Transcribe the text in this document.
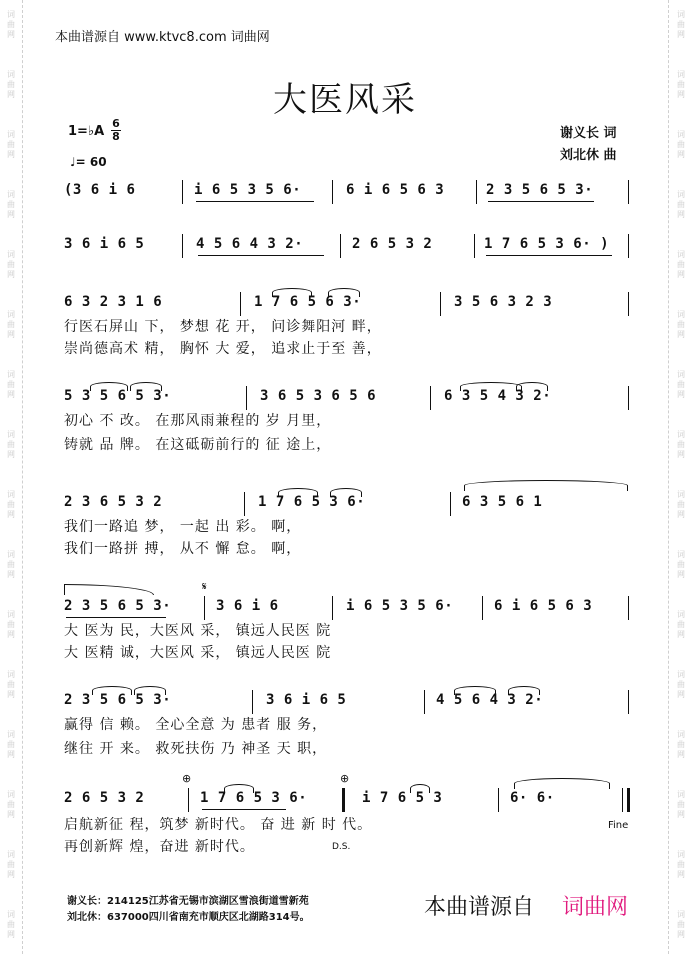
词
曲
网
词
曲
网
词
曲
网
词
曲
网
词
曲
网
词
曲
网
词
曲
网
词
曲
网
词
曲
网
词
曲
网
词
曲
网
词
曲
网
词
曲
网
词
曲
网
词
曲
网
词
曲
网
词
曲
网
词
曲
网
词
曲
网
词
曲
网
词
曲
网
词
曲
网
词
曲
网
词
曲
网
词
曲
网
词
曲
网
词
曲
网
词
曲
网
词
曲
网
词
曲
网
词
曲
网
词
曲
网
本曲谱源自 www.ktvc8.com 词曲网
大医风采
1=♭A
6
8
♩= 60
谢义长 词
刘北休 曲
(3 6 i 6	i 6 5 3 5 6·	6 i 6 5 6 3	2 3 5 6 5 3·
3 6 i 6 5	4 5 6 4 3 2·	2 6 5 3 2	1 7 6 5 3 6· )
6 3 2 3 1 6	1 7 6 5 6 3·	3 5 6 3 2 3
行医石屏山 下， 梦想 花 开， 问诊舞阳河 畔，
崇尚德高术 精， 胸怀 大 爱， 追求止于至 善，
5 3 5 6 5 3·	3 6 5 3 6 5 6	6 3 5 4 3 2·
初心 不 改。 在那风雨兼程的 岁 月里，
铸就 品 牌。 在这砥砺前行的 征 途上，
2 3 6 5 3 2	1 7 6 5 3 6·	6 3 5 6 1
我们一路追 梦， 一起 出 彩。 啊，
我们一路拼 搏， 从不 懈 怠。 啊，
𝄋
2 3 5 6 5 3·	3 6 i 6	i 6 5 3 5 6·	6 i 6 5 6 3
大 医为 民，大医风 采， 镇远人民医 院
大 医精 诚，大医风 采， 镇远人民医 院
2 3 5 6 5 3·	3 6 i 6 5	4 5 6 4 3 2·
赢得 信 赖。 全心全意 为 患者 服 务，
继往 开 来。 救死扶伤 乃 神圣 天 职，
⊕	⊕
2 6 5 3 2	1 7 6 5 3 6·	i 7 6 5 3	6· 6·
启航新征 程，筑梦 新时代。 奋 进 新 时 代。
再创新辉 煌，奋进 新时代。
Fine
D.S.
谢义长：214125江苏省无锡市滨湖区雪浪街道雪新苑
刘北休：637000四川省南充市顺庆区北湖路314号。	本曲谱源自 词曲网
